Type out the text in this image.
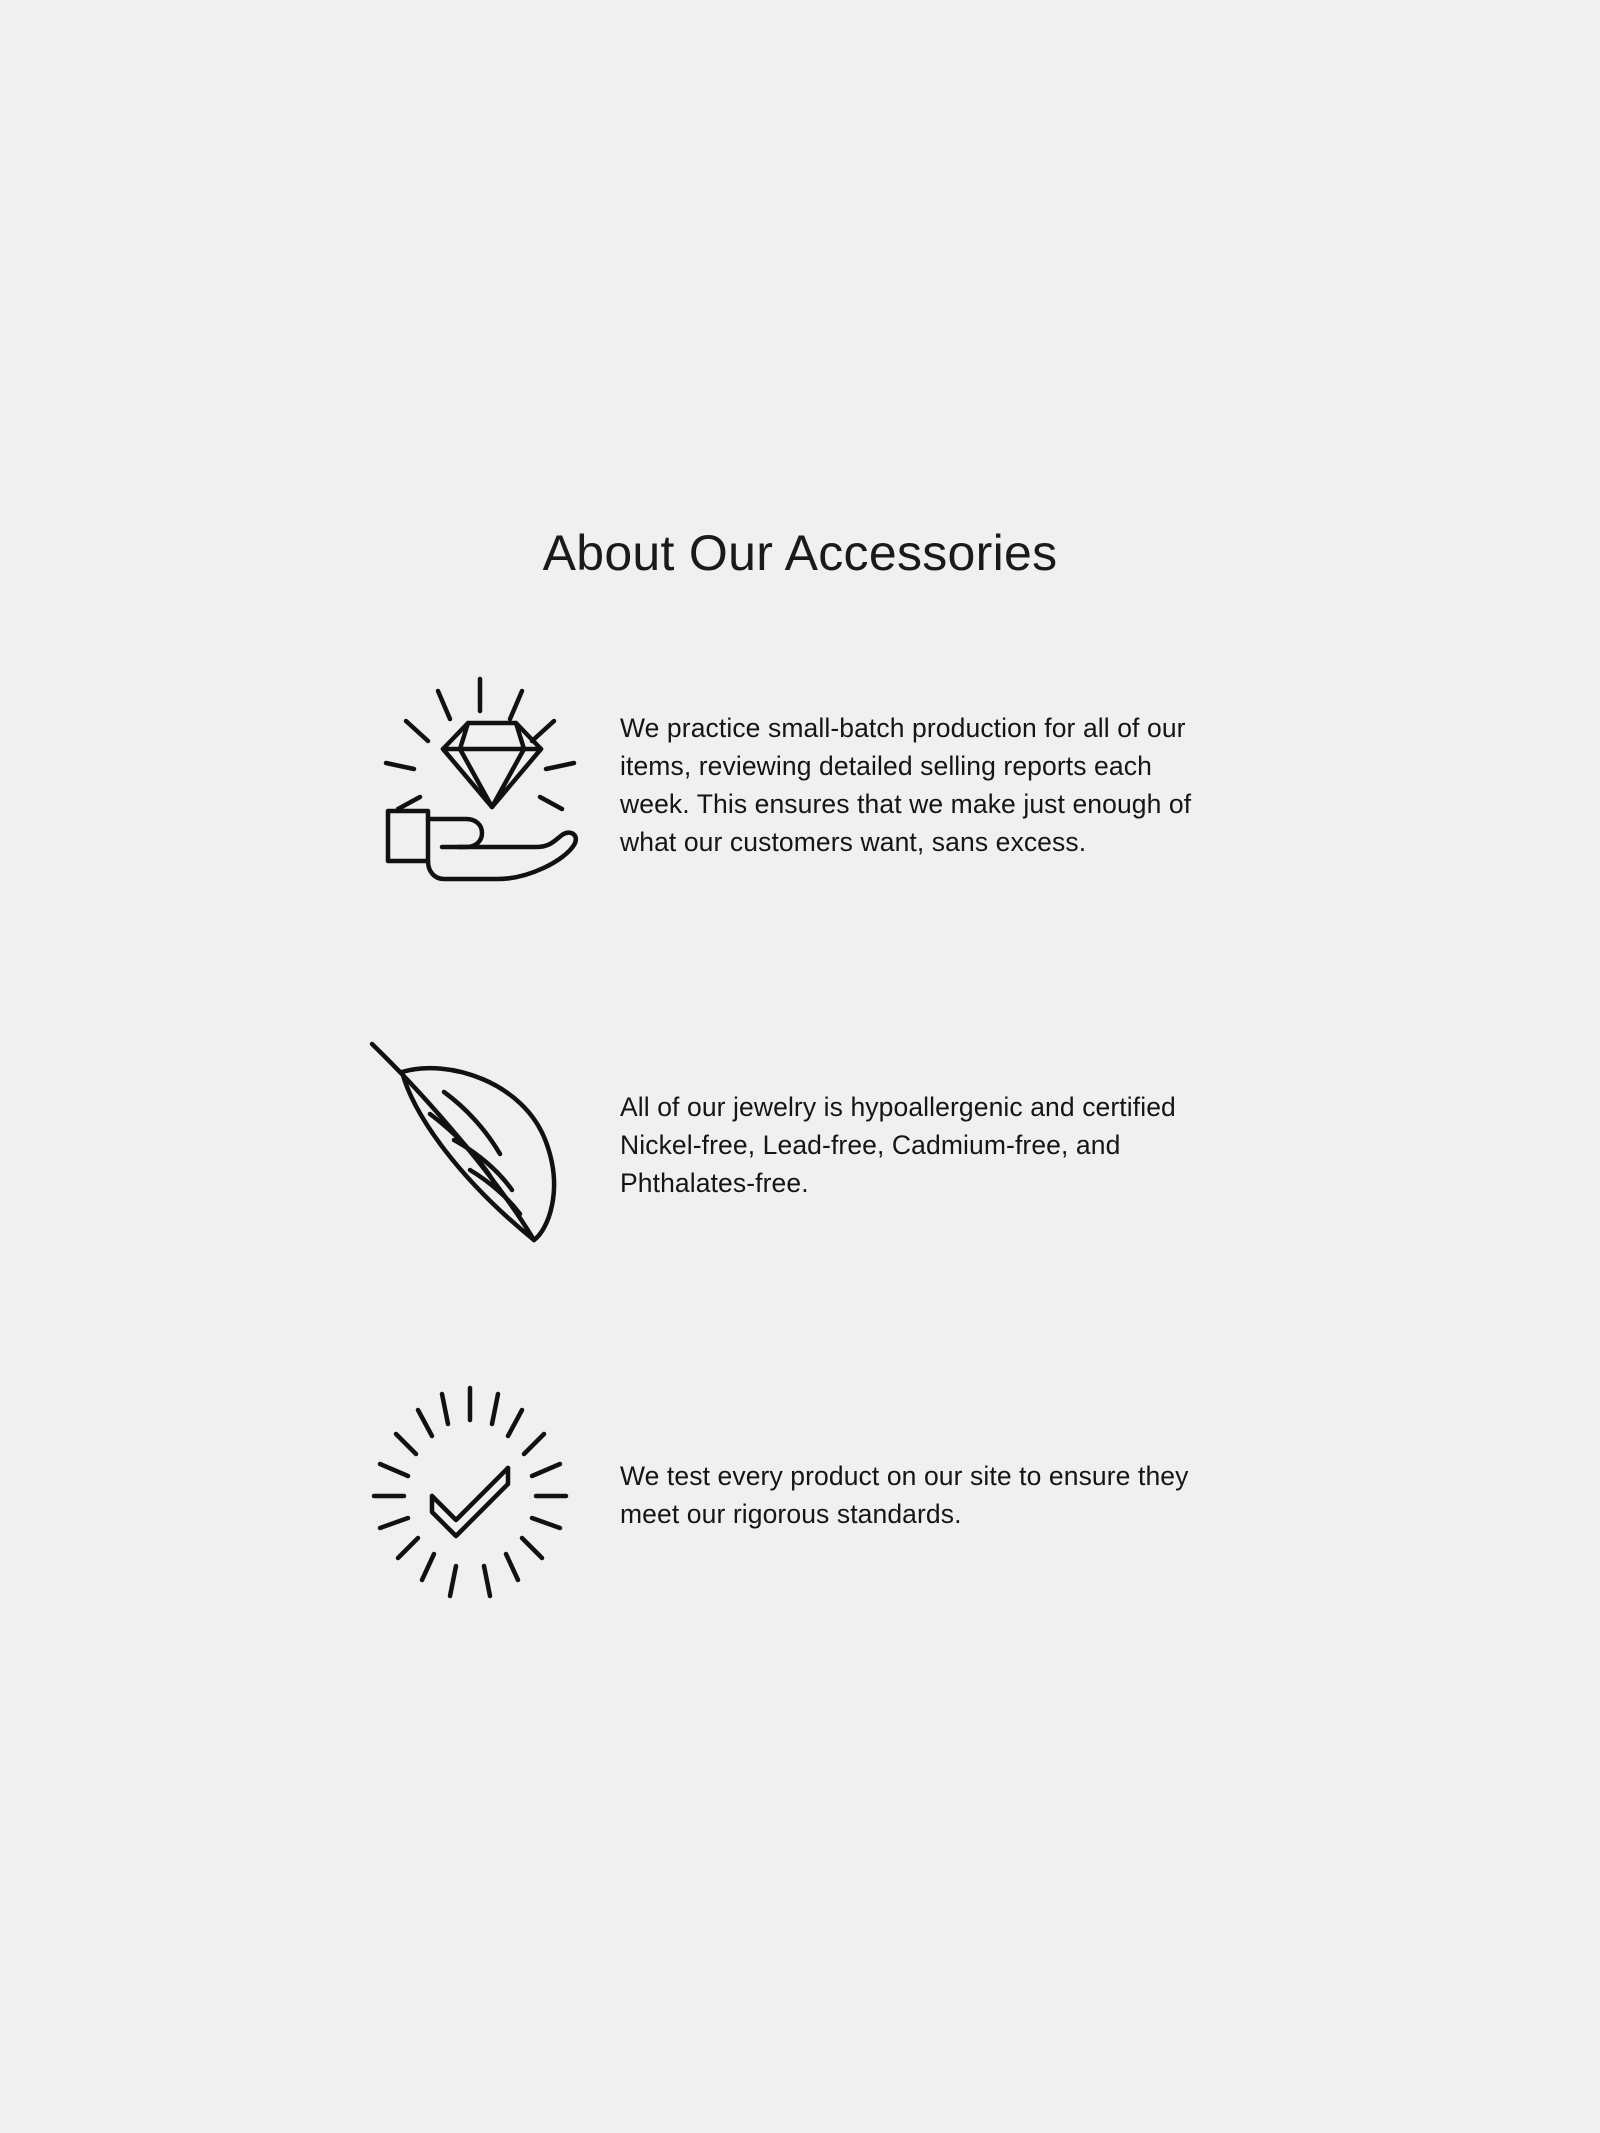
About Our Accessories
We practice small-batch production for all of our items, reviewing detailed selling reports each week. This ensures that we make just enough of what our customers want, sans excess.
All of our jewelry is hypoallergenic and certified Nickel-free, Lead-free, Cadmium-free, and Phthalates-free.
We test every product on our site to ensure they meet our rigorous standards.
